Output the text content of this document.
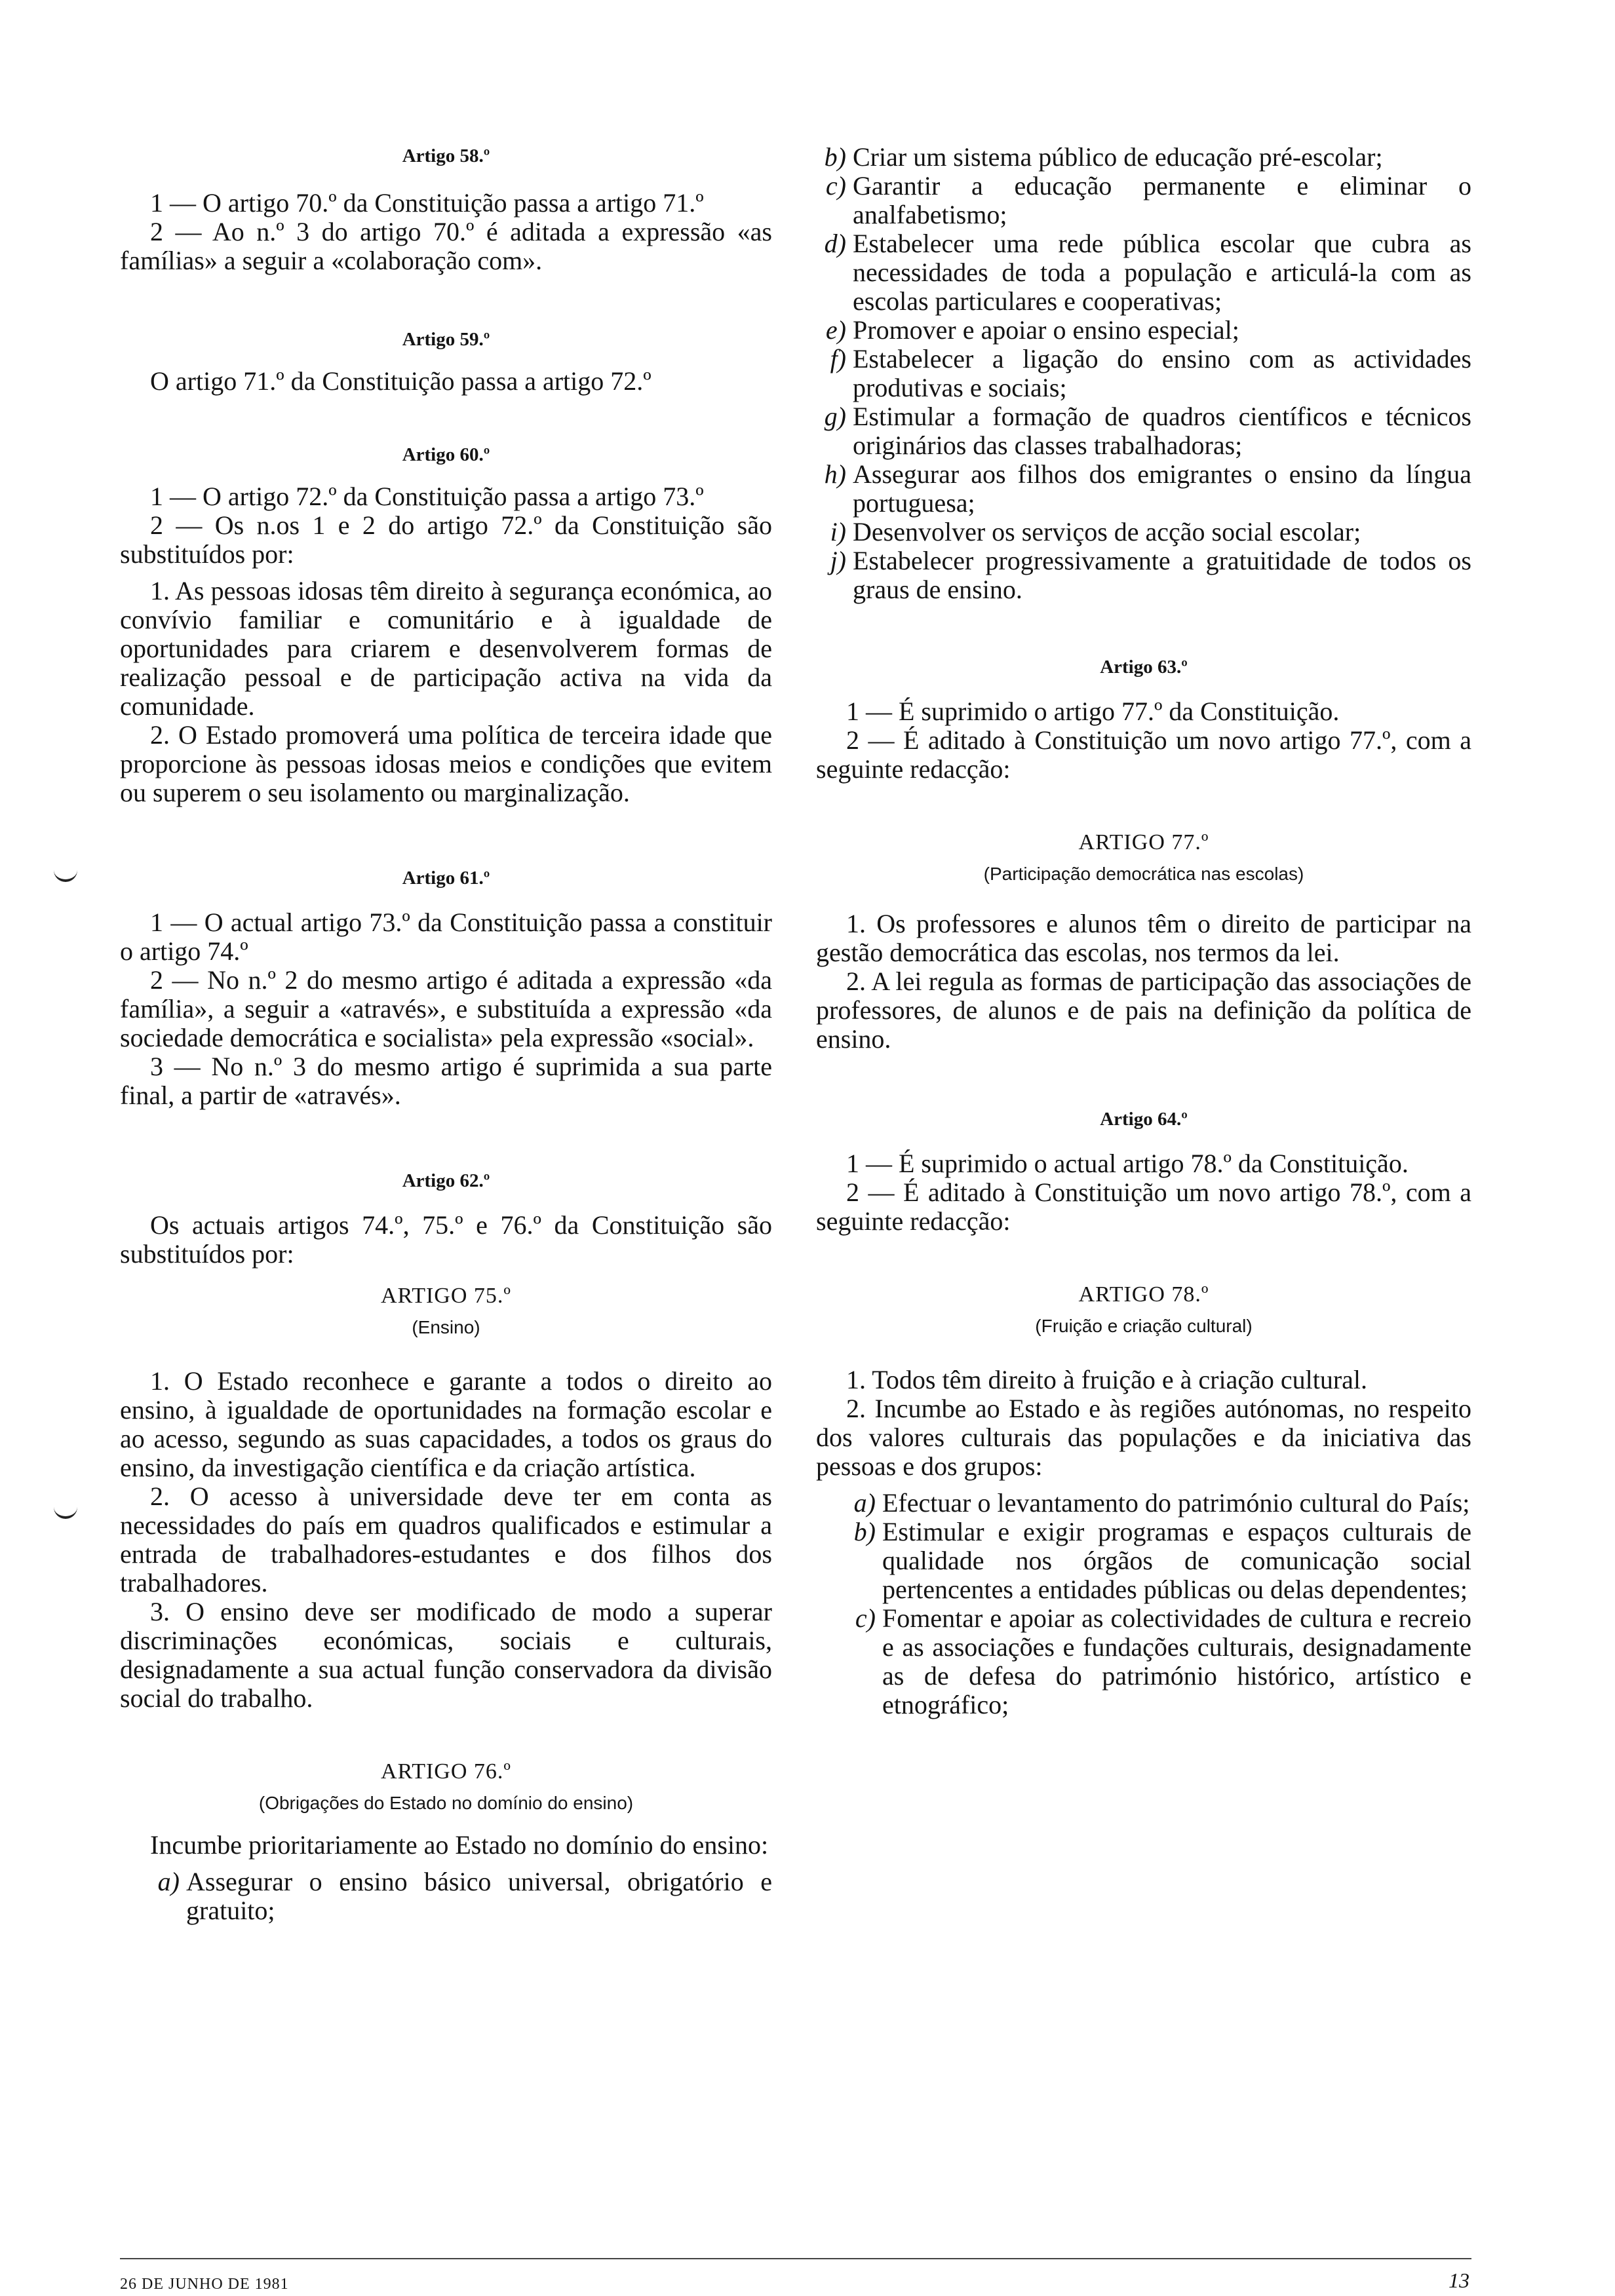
Artigo 58.º

1 — O artigo 70.º da Constituição passa a artigo 71.º

2 — Ao n.º 3 do artigo 70.º é aditada a expressão «as famílias» a seguir a «colaboração com».

Artigo 59.º

O artigo 71.º da Constituição passa a artigo 72.º

Artigo 60.º

1 — O artigo 72.º da Constituição passa a artigo 73.º

2 — Os n.os 1 e 2 do artigo 72.º da Constituição são substituídos por:

1. As pessoas idosas têm direito à segurança económica, ao convívio familiar e comunitário e à igualdade de oportunidades para criarem e desenvolverem formas de realização pessoal e de participação activa na vida da comunidade.

2. O Estado promoverá uma política de terceira idade que proporcione às pessoas idosas meios e condições que evitem ou superem o seu isolamento ou marginalização.

Artigo 61.º

1 — O actual artigo 73.º da Constituição passa a constituir o artigo 74.º

2 — No n.º 2 do mesmo artigo é aditada a expressão «da família», a seguir a «através», e substituída a expressão «da sociedade democrática e socialista» pela expressão «social».

3 — No n.º 3 do mesmo artigo é suprimida a sua parte final, a partir de «através».

Artigo 62.º

Os actuais artigos 74.º, 75.º e 76.º da Constituição são substituídos por:

ARTIGO 75.º

(Ensino)

1. O Estado reconhece e garante a todos o direito ao ensino, à igualdade de oportunidades na formação escolar e ao acesso, segundo as suas capacidades, a todos os graus do ensino, da investigação científica e da criação artística.

2. O acesso à universidade deve ter em conta as necessidades do país em quadros qualificados e estimular a entrada de trabalhadores-estudantes e dos filhos dos trabalhadores.

3. O ensino deve ser modificado de modo a superar discriminações económicas, sociais e culturais, designadamente a sua actual função conservadora da divisão social do trabalho.

ARTIGO 76.º

(Obrigações do Estado no domínio do ensino)

Incumbe prioritariamente ao Estado no domínio do ensino:

a) Assegurar o ensino básico universal, obrigatório e gratuito;
b) Criar um sistema público de educação pré-escolar;
c) Garantir a educação permanente e eliminar o analfabetismo;
d) Estabelecer uma rede pública escolar que cubra as necessidades de toda a população e articulá-la com as escolas particulares e cooperativas;
e) Promover e apoiar o ensino especial;
f) Estabelecer a ligação do ensino com as actividades produtivas e sociais;
g) Estimular a formação de quadros científicos e técnicos originários das classes trabalhadoras;
h) Assegurar aos filhos dos emigrantes o ensino da língua portuguesa;
i) Desenvolver os serviços de acção social escolar;
j) Estabelecer progressivamente a gratuitidade de todos os graus de ensino.

Artigo 63.º

1 — É suprimido o artigo 77.º da Constituição.

2 — É aditado à Constituição um novo artigo 77.º, com a seguinte redacção:

ARTIGO 77.º

(Participação democrática nas escolas)

1. Os professores e alunos têm o direito de participar na gestão democrática das escolas, nos termos da lei.

2. A lei regula as formas de participação das associações de professores, de alunos e de pais na definição da política de ensino.

Artigo 64.º

1 — É suprimido o actual artigo 78.º da Constituição.

2 — É aditado à Constituição um novo artigo 78.º, com a seguinte redacção:

ARTIGO 78.º

(Fruição e criação cultural)

1. Todos têm direito à fruição e à criação cultural.

2. Incumbe ao Estado e às regiões autónomas, no respeito dos valores culturais das populações e da iniciativa das pessoas e dos grupos:

a) Efectuar o levantamento do património cultural do País;
b) Estimular e exigir programas e espaços culturais de qualidade nos órgãos de comunicação social pertencentes a entidades públicas ou delas dependentes;
c) Fomentar e apoiar as colectividades de cultura e recreio e as associações e fundações culturais, designadamente as de defesa do património histórico, artístico e etnográfico;
26 DE JUNHO DE 1981	13
